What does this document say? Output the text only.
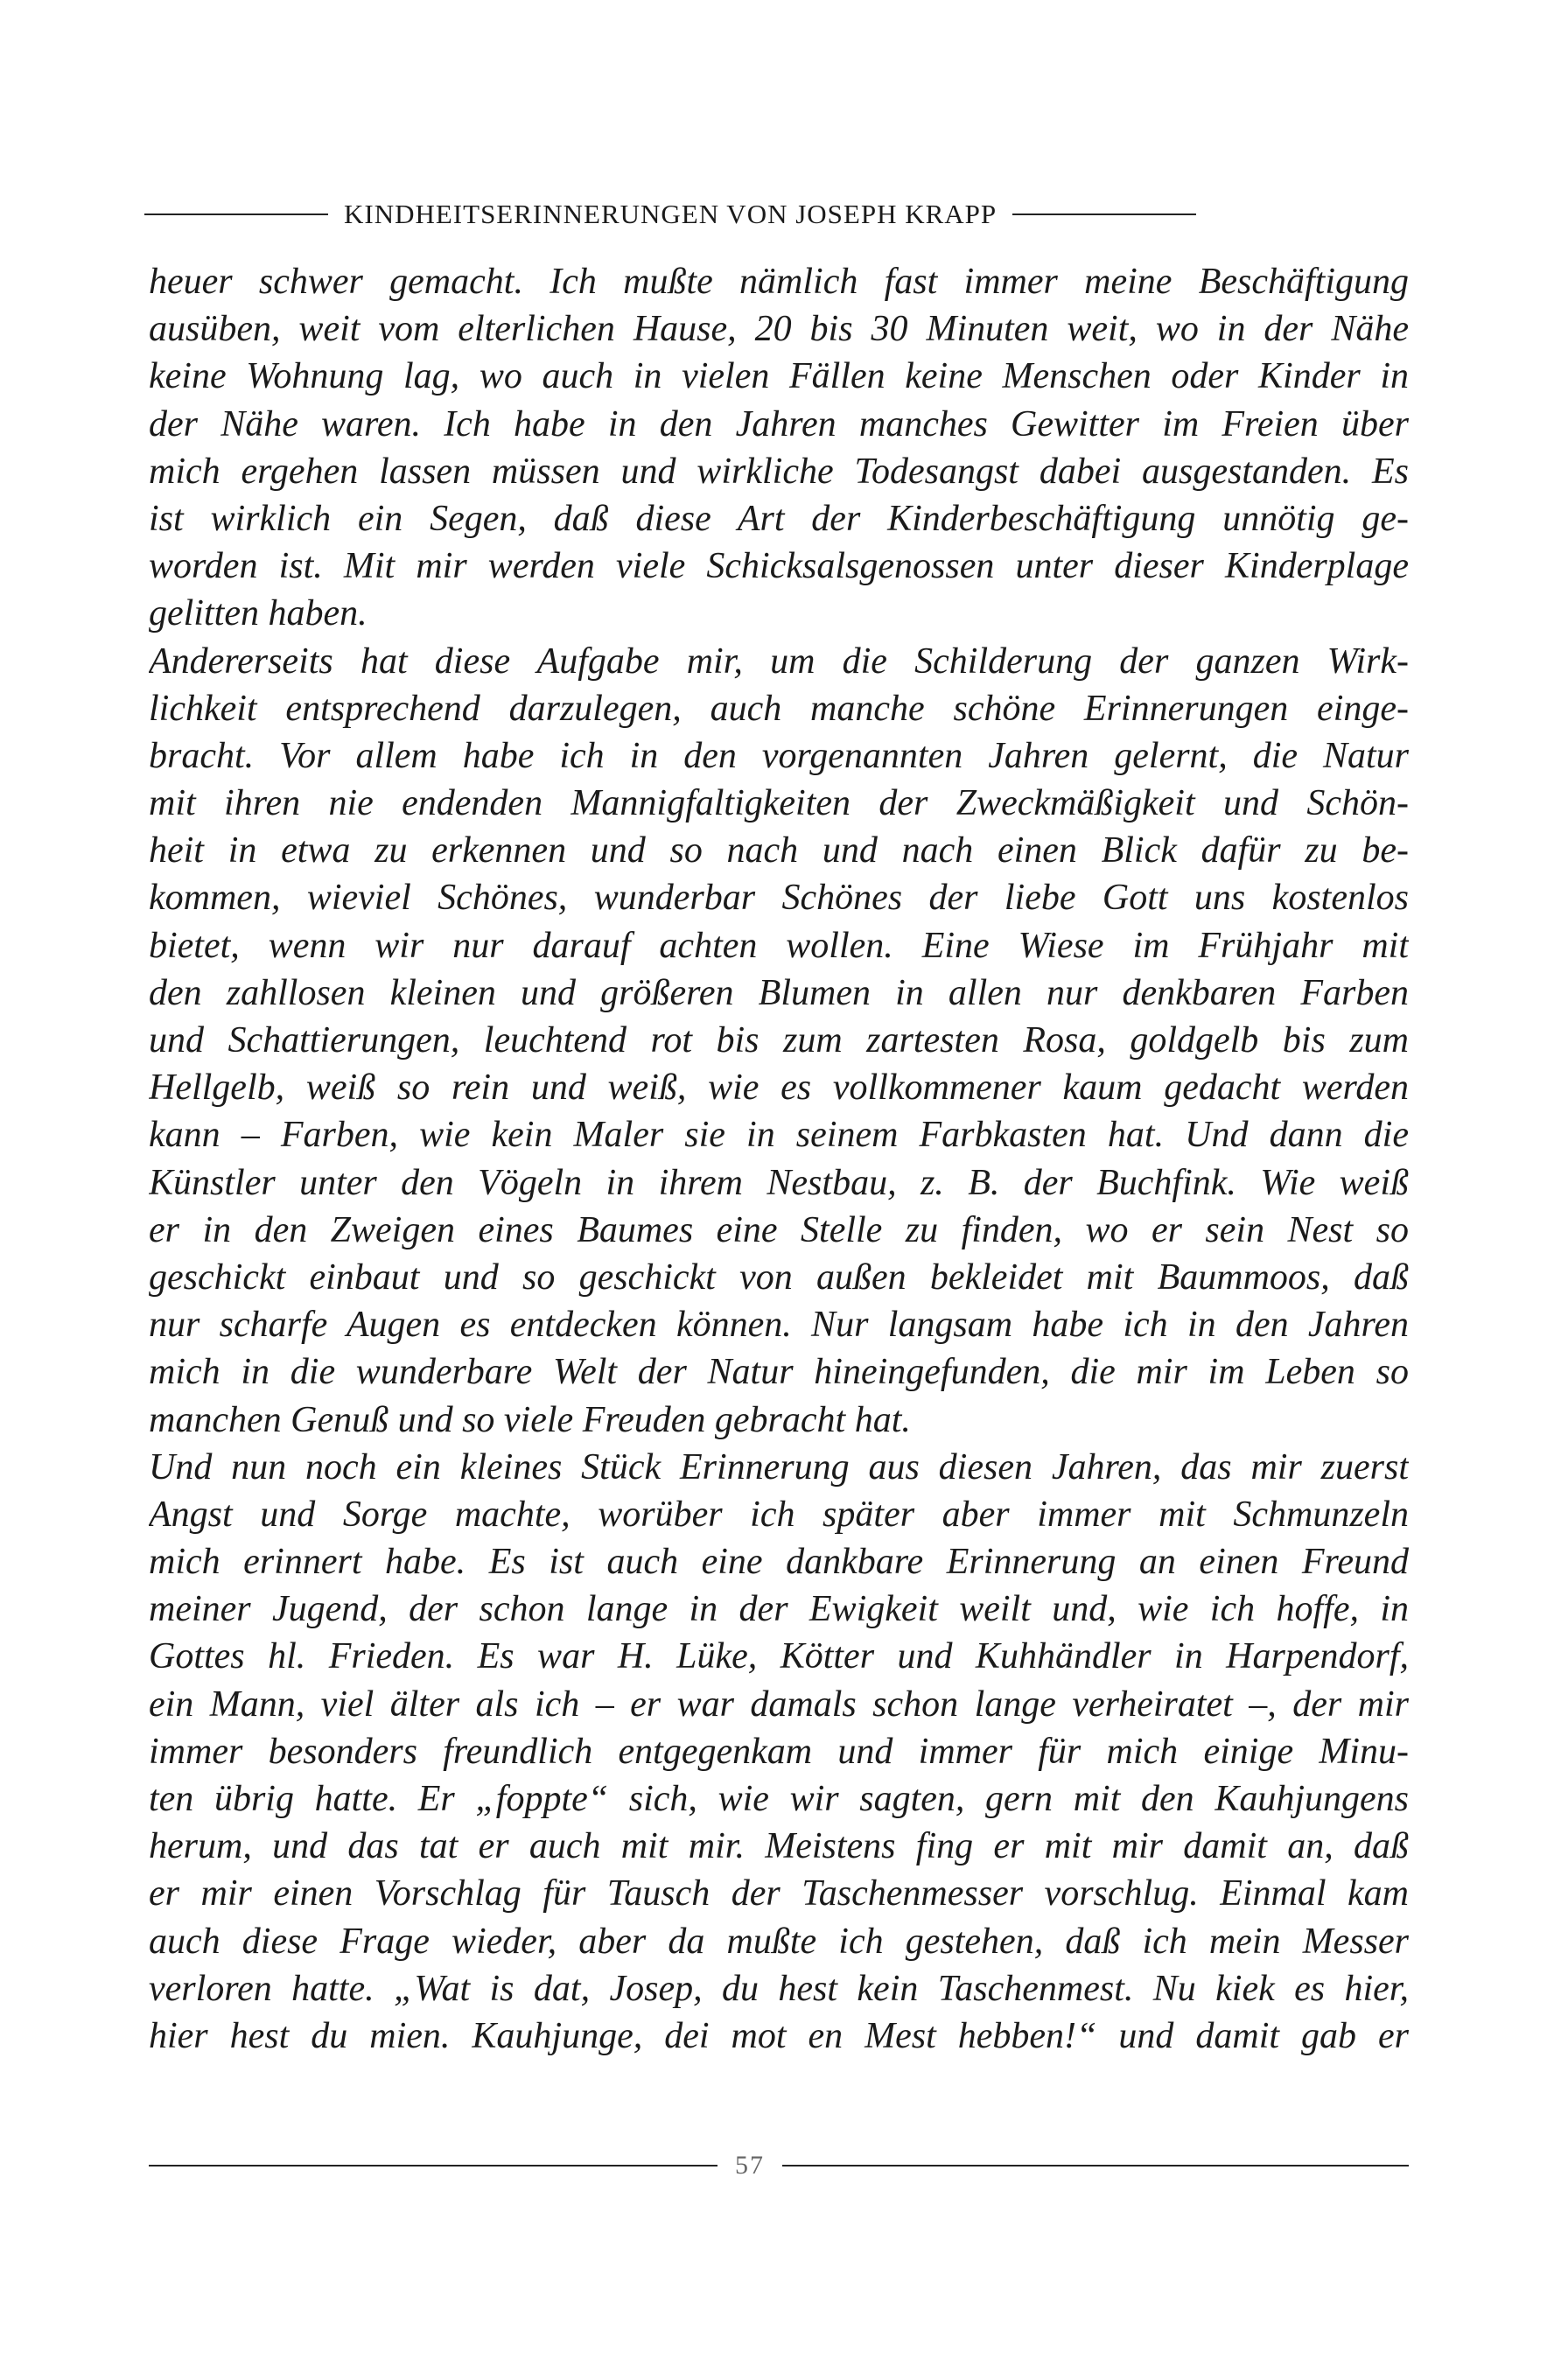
KINDHEITSERINNERUNGEN VON JOSEPH KRAPP
heuer schwer gemacht. Ich mußte nämlich fast immer meine Beschäftigung
ausüben, weit vom elterlichen Hause, 20 bis 30 Minuten weit, wo in der Nähe
keine Wohnung lag, wo auch in vielen Fällen keine Menschen oder Kinder in
der Nähe waren. Ich habe in den Jahren manches Gewitter im Freien über
mich ergehen lassen müssen und wirkliche Todesangst dabei ausgestanden. Es
ist wirklich ein Segen, daß diese Art der Kinderbeschäftigung unnötig ge-
worden ist. Mit mir werden viele Schicksalsgenossen unter dieser Kinderplage
gelitten haben.
Andererseits hat diese Aufgabe mir, um die Schilderung der ganzen Wirk-
lichkeit entsprechend darzulegen, auch manche schöne Erinnerungen einge-
bracht. Vor allem habe ich in den vorgenannten Jahren gelernt, die Natur
mit ihren nie endenden Mannigfaltigkeiten der Zweckmäßigkeit und Schön-
heit in etwa zu erkennen und so nach und nach einen Blick dafür zu be-
kommen, wieviel Schönes, wunderbar Schönes der liebe Gott uns kostenlos
bietet, wenn wir nur darauf achten wollen. Eine Wiese im Frühjahr mit
den zahllosen kleinen und größeren Blumen in allen nur denkbaren Farben
und Schattierungen, leuchtend rot bis zum zartesten Rosa, goldgelb bis zum
Hellgelb, weiß so rein und weiß, wie es vollkommener kaum gedacht werden
kann – Farben, wie kein Maler sie in seinem Farbkasten hat. Und dann die
Künstler unter den Vögeln in ihrem Nestbau, z. B. der Buchfink. Wie weiß
er in den Zweigen eines Baumes eine Stelle zu finden, wo er sein Nest so
geschickt einbaut und so geschickt von außen bekleidet mit Baummoos, daß
nur scharfe Augen es entdecken können. Nur langsam habe ich in den Jahren
mich in die wunderbare Welt der Natur hineingefunden, die mir im Leben so
manchen Genuß und so viele Freuden gebracht hat.
Und nun noch ein kleines Stück Erinnerung aus diesen Jahren, das mir zuerst
Angst und Sorge machte, worüber ich später aber immer mit Schmunzeln
mich erinnert habe. Es ist auch eine dankbare Erinnerung an einen Freund
meiner Jugend, der schon lange in der Ewigkeit weilt und, wie ich hoffe, in
Gottes hl. Frieden. Es war H. Lüke, Kötter und Kuhhändler in Harpendorf,
ein Mann, viel älter als ich – er war damals schon lange verheiratet –, der mir
immer besonders freundlich entgegenkam und immer für mich einige Minu-
ten übrig hatte. Er „foppte“ sich, wie wir sagten, gern mit den Kauhjungens
herum, und das tat er auch mit mir. Meistens fing er mit mir damit an, daß
er mir einen Vorschlag für Tausch der Taschenmesser vorschlug. Einmal kam
auch diese Frage wieder, aber da mußte ich gestehen, daß ich mein Messer
verloren hatte. „Wat is dat, Josep, du hest kein Taschenmest. Nu kiek es hier,
hier hest du mien. Kauhjunge, dei mot en Mest hebben!“ und damit gab er
57
